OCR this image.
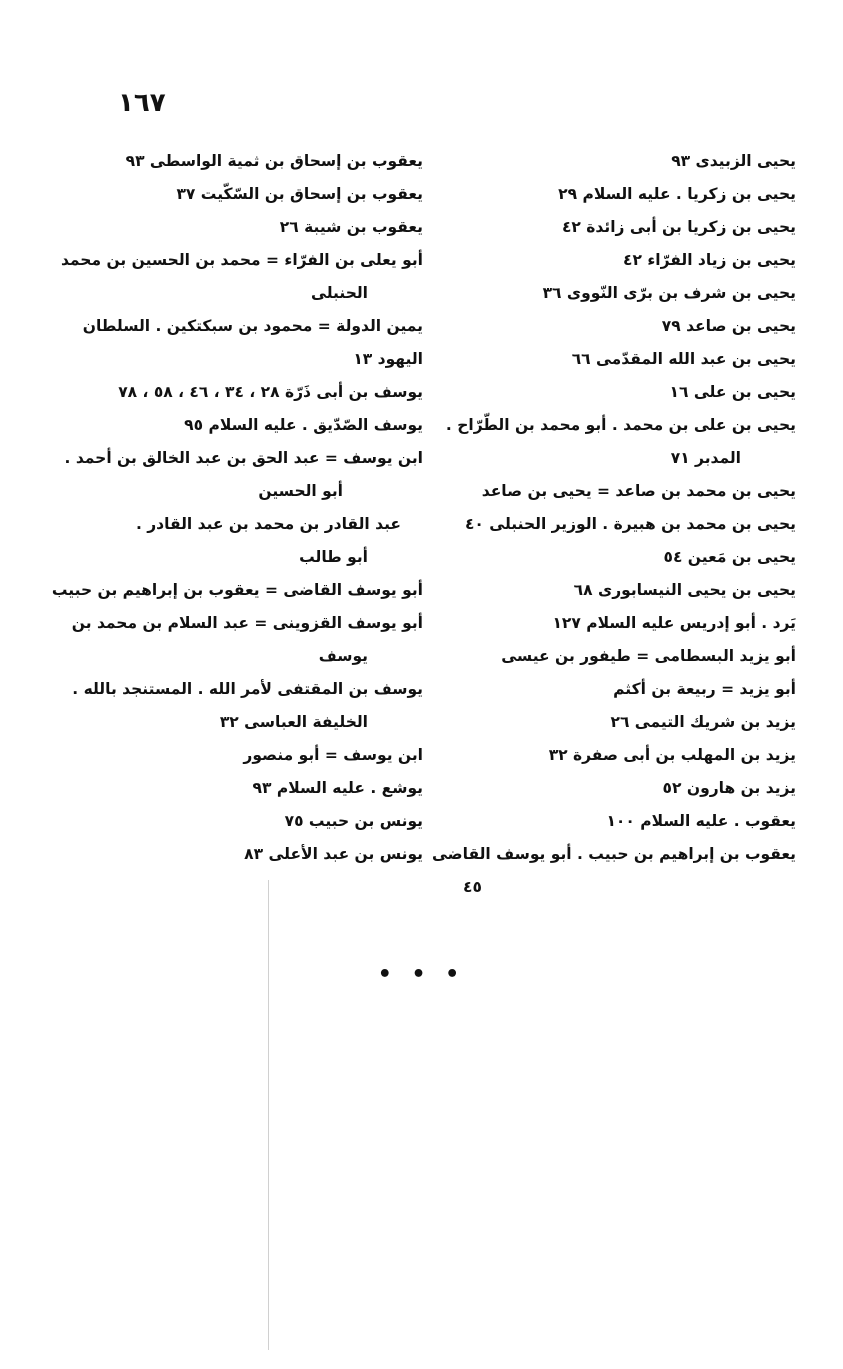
١٦٧
يحيى الزبيدى ٩٣
يحيى بن زكريا . عليه السلام ٢٩
يحيى بن زكريا بن أبى زائدة ٤٢
يحيى بن زياد الفرّاء ٤٢
يحيى بن شرف بن برّى النّووى ٣٦
يحيى بن صاعد ٧٩
يحيى بن عبد الله المقدّمى ٦٦
يحيى بن على ١٦
يحيى بن على بن محمد . أبو محمد بن الطّرّاح .
المدبر ٧١
يحيى بن محمد بن صاعد = يحيى بن صاعد
يحيى بن محمد بن هبيرة . الوزير الحنبلى ٤٠
يحيى بن مَعين ٥٤
يحيى بن يحيى النيسابورى ٦٨
يَرد . أبو إدريس عليه السلام ١٢٧
أبو يزيد البسطامى = طيفور بن عيسى
أبو يزيد = ربيعة بن أكثم
يزيد بن شريك التيمى ٢٦
يزيد بن المهلب بن أبى صفرة ٣٢
يزيد بن هارون ٥٢
يعقوب . عليه السلام ١٠٠
يعقوب بن إبراهيم بن حبيب . أبو يوسف القاضى
٤٥
يعقوب بن إسحاق بن ثمية الواسطى ٩٣
يعقوب بن إسحاق بن السّكّيت ٣٧
يعقوب بن شيبة ٢٦
أبو يعلى بن الفرّاء = محمد بن الحسين بن محمد
الحنبلى
يمين الدولة = محمود بن سبكتكين . السلطان
اليهود ١٣
يوسف بن أبى ذَرّة ٢٨ ، ٣٤ ، ٤٦ ، ٥٨ ، ٧٨
يوسف الصّدّيق . عليه السلام ٩٥
ابن يوسف = عبد الحق بن عبد الخالق بن أحمد .
أبو الحسين
عبد القادر بن محمد بن عبد القادر .
أبو طالب
أبو يوسف القاضى = يعقوب بن إبراهيم بن حبيب
أبو يوسف القزوينى = عبد السلام بن محمد بن
يوسف
يوسف بن المقتفى لأمر الله . المستنجد بالله .
الخليفة العباسى ٣٢
ابن يوسف = أبو منصور
يوشع . عليه السلام ٩٣
يونس بن حبيب ٧٥
يونس بن عبد الأعلى ٨٣
• • •
